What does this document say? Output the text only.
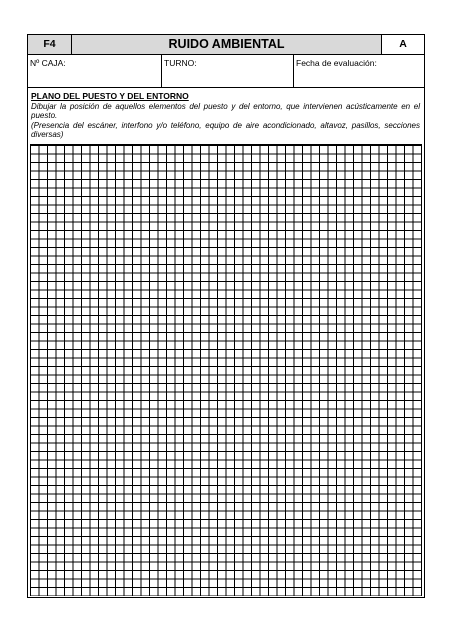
F4	RUIDO AMBIENTAL	A
Nº CAJA:	TURNO:	Fecha de evaluación:
PLANO DEL PUESTO Y DEL ENTORNO

Dibujar la posición de aquellos elementos del puesto y del entorno, que intervienen acústicamente en el puesto.

(Presencia del escáner, interfono y/o teléfono, equipo de aire acondicionado, altavoz, pasillos, secciones diversas)
